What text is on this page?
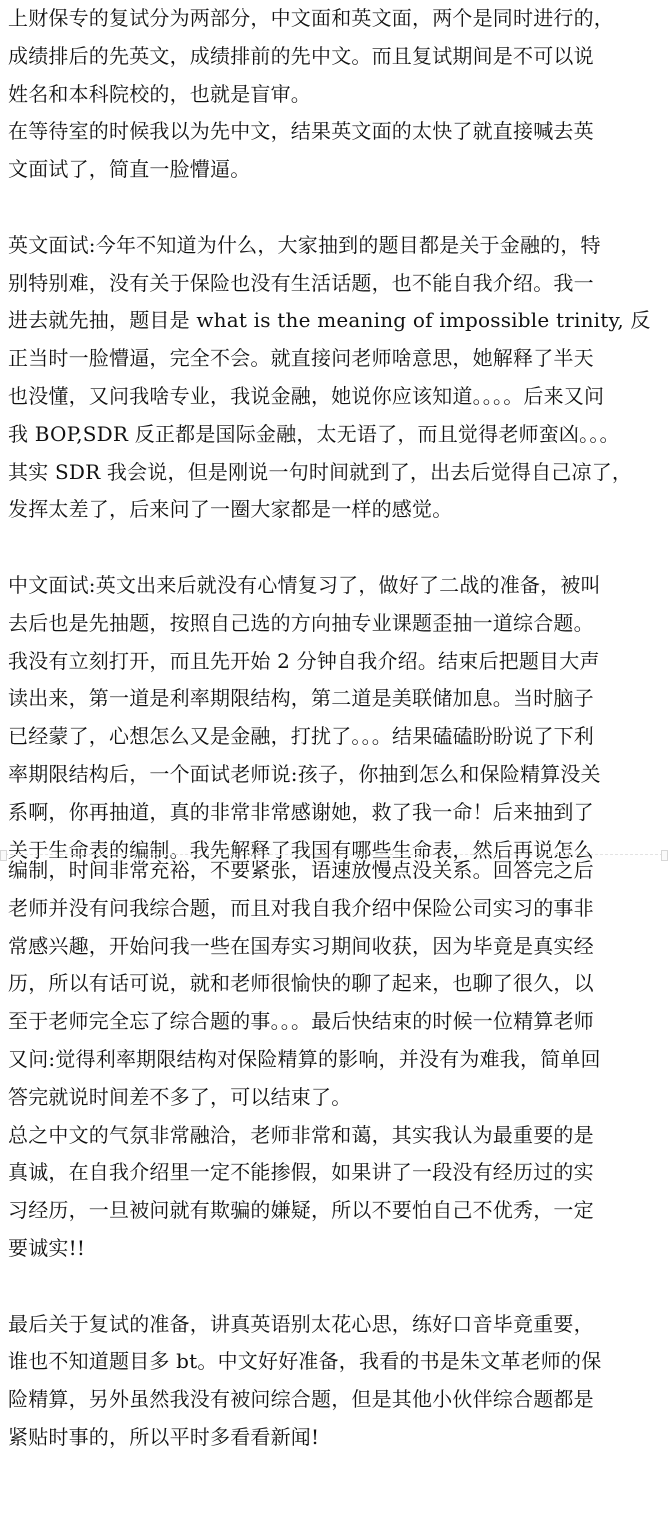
上财保专的复试分为两部分，中文面和英文面，两个是同时进行的，
成绩排后的先英文，成绩排前的先中文。而且复试期间是不可以说
姓名和本科院校的，也就是盲审。
在等待室的时候我以为先中文，结果英文面的太快了就直接喊去英
文面试了，简直一脸懵逼。
英文面试:今年不知道为什么，大家抽到的题目都是关于金融的，特
别特别难，没有关于保险也没有生活话题，也不能自我介绍。我一
进去就先抽，题目是 what is the meaning of impossible trinity, 反
正当时一脸懵逼，完全不会。就直接问老师啥意思，她解释了半天
也没懂，又问我啥专业，我说金融，她说你应该知道。。。。后来又问
我 BOP,SDR 反正都是国际金融，太无语了，而且觉得老师蛮凶。。。
其实 SDR 我会说，但是刚说一句时间就到了，出去后觉得自己凉了，
发挥太差了，后来问了一圈大家都是一样的感觉。
中文面试:英文出来后就没有心情复习了，做好了二战的准备，被叫
去后也是先抽题，按照自己选的方向抽专业课题歪抽一道综合题。
我没有立刻打开，而且先开始 2 分钟自我介绍。结束后把题目大声
读出来，第一道是利率期限结构，第二道是美联储加息。当时脑子
已经蒙了，心想怎么又是金融，打扰了。。。结果磕磕盼盼说了下利
率期限结构后，一个面试老师说:孩子，你抽到怎么和保险精算没关
系啊，你再抽道，真的非常非常感谢她，救了我一命！后来抽到了
关于生命表的编制。我先解释了我国有哪些生命表，然后再说怎么
编制，时间非常充裕，不要紧张，语速放慢点没关系。回答完之后
老师并没有问我综合题，而且对我自我介绍中保险公司实习的事非
常感兴趣，开始问我一些在国寿实习期间收获，因为毕竟是真实经
历，所以有话可说，就和老师很愉快的聊了起来，也聊了很久，以
至于老师完全忘了综合题的事。。。最后快结束的时候一位精算老师
又问:觉得利率期限结构对保险精算的影响，并没有为难我，简单回
答完就说时间差不多了，可以结束了。
总之中文的气氛非常融洽，老师非常和蔼，其实我认为最重要的是
真诚，在自我介绍里一定不能掺假，如果讲了一段没有经历过的实
习经历，一旦被问就有欺骗的嫌疑，所以不要怕自己不优秀，一定
要诚实!!
最后关于复试的准备，讲真英语别太花心思，练好口音毕竟重要，
谁也不知道题目多 bt。中文好好准备，我看的书是朱文革老师的保
险精算，另外虽然我没有被问综合题，但是其他小伙伴综合题都是
紧贴时事的，所以平时多看看新闻!
